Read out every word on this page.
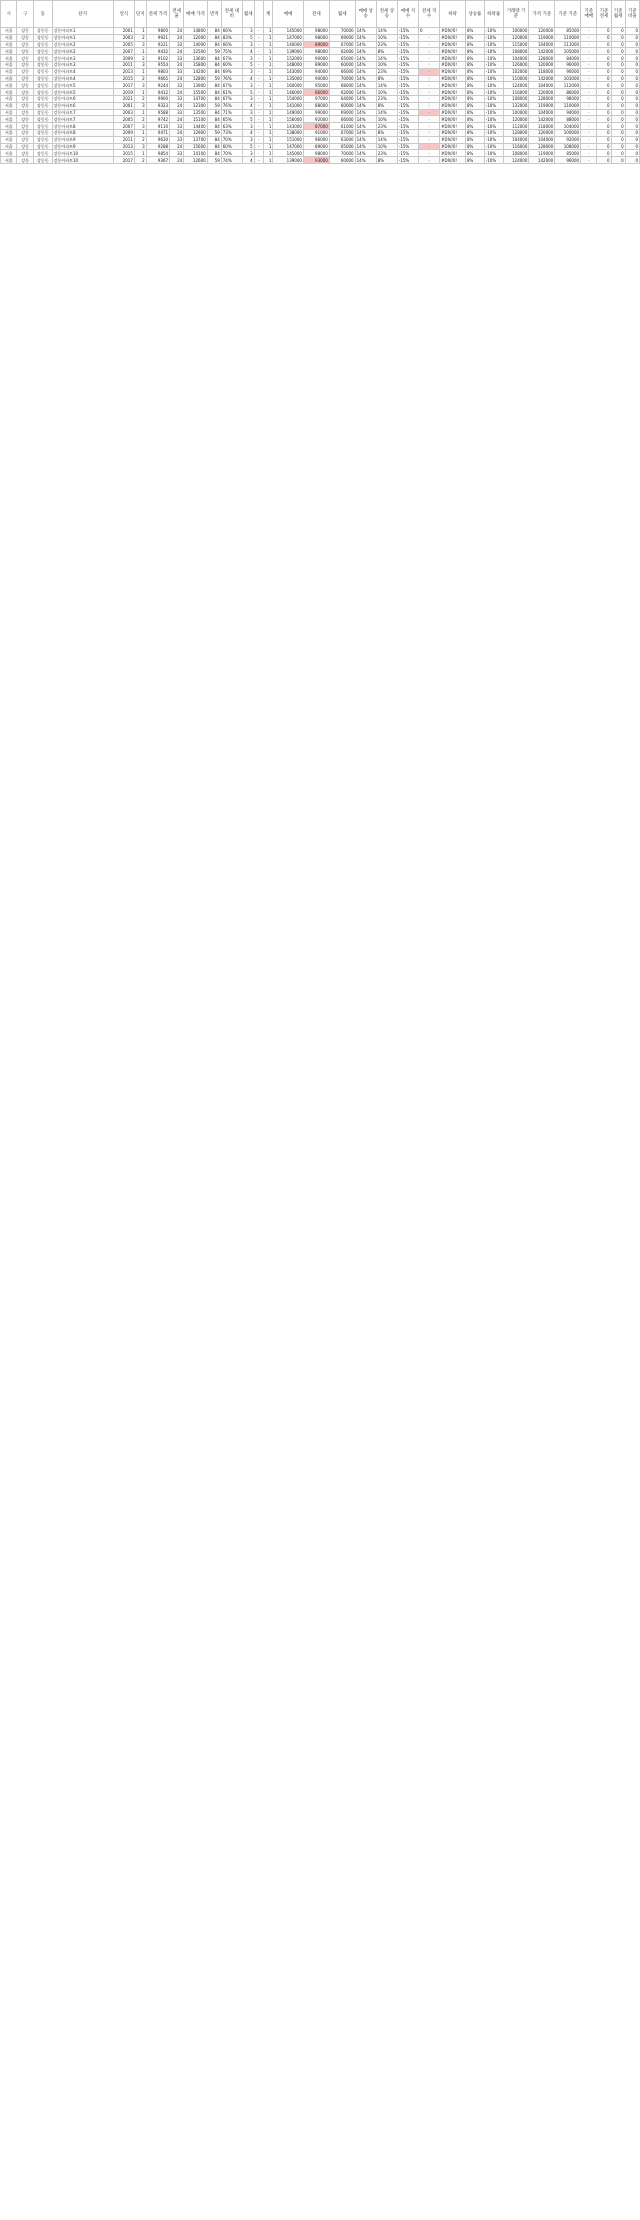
시	구	동	단지	연식	단지	전세 가격	전세 율	매매 가격	면적	전세 대비	월세		계	매매	전세	월세	매매 상승	전세 상승	매매 지수	전세 지수	하락	상승률	하락률	거래량 기준	가격 기준	기준 기준	기준 매매	기준 전세	기준 월세	기준 비율
서울	강동	강동동	강동아파트1	2001	1	9800	24	14800	84	66%	3	-	1	145000	98000	70000	14%	14%	-15%	0	#DIV/0!	8%	-10%	100000	120000	85000	-	0	0	0
서울	강동	강동동	강동아파트1	2003	2	9921	24	12000	84	83%	5	-	1	147000	98000	69000	14%	10%	-15%	-	#DIV/0!	8%	-10%	120000	119000	110000	-	0	0	0
서울	강동	강동동	강동아파트2	2005	3	9221	33	14000	84	66%	3	-	1	140000	89000	67000	14%	23%	-15%	-	#DIV/0!	8%	-10%	115000	104000	111000	-	0	0	0
서울	강동	강동동	강동아파트2	2007	1	9432	24	12500	59	75%	4	-	1	139000	98000	62000	14%	8%	-15%	-	#DIV/0!	8%	-10%	108000	142000	105000	-	0	0	0
서울	강동	강동동	강동아파트3	2009	2	9102	33	13600	84	67%	3	-	1	152000	90000	65000	14%	14%	-15%	-	#DIV/0!	8%	-10%	104000	128000	84000	-	0	0	0
서울	강동	강동동	강동아파트3	2011	3	9554	24	15800	84	60%	5	-	1	148000	89000	60000	14%	10%	-15%	-	#DIV/0!	8%	-10%	126000	120000	96000	-	0	0	0
서울	강동	강동동	강동아파트4	2013	1	9803	33	14200	84	69%	3	-	1	143000	94000	66000	14%	23%	-15%	-	#DIV/0!	8%	-10%	102000	118000	90000	-	0	0	0
서울	강동	강동동	강동아파트4	2015	2	9665	24	12800	59	76%	4	-	1	135000	90000	70000	14%	8%	-15%	-	#DIV/0!	8%	-10%	110000	142000	103000	-	0	0	0
서울	강동	강동동	강동아파트5	2017	3	9244	33	13900	84	67%	3	-	1	160000	95000	68000	14%	14%	-15%	-	#DIV/0!	8%	-10%	124000	104000	112000	-	0	0	0
서울	강동	강동동	강동아파트5	2019	1	9412	24	15500	84	61%	5	-	1	146000	86000	62000	14%	10%	-15%	-	#DIV/0!	8%	-10%	116000	120000	86000	-	0	0	0
서울	강동	강동동	강동아파트6	2021	2	9900	33	14700	84	67%	3	-	1	154000	97000	64000	14%	23%	-15%	-	#DIV/0!	8%	-10%	108000	128000	98000	-	0	0	0
서울	강동	강동동	강동아파트6	2001	3	9323	24	12300	59	76%	4	-	1	141000	88000	60000	14%	8%	-15%	-	#DIV/0!	8%	-10%	132000	119000	110000	-	0	0	0
서울	강동	강동동	강동아파트7	2003	1	9588	33	13500	84	71%	3	-	1	149000	99000	69000	14%	14%	-15%	-	#DIV/0!	8%	-10%	100000	104000	94000	-	0	0	0
서울	강동	강동동	강동아파트7	2005	2	9742	24	15100	84	65%	5	-	1	156000	92000	66000	14%	10%	-15%	-	#DIV/0!	8%	-10%	120000	142000	88000	-	0	0	0
서울	강동	강동동	강동아파트8	2007	3	9110	33	14400	84	63%	3	-	1	143000	87000	61000	14%	23%	-15%	-	#DIV/0!	8%	-10%	112000	118000	104000	-	0	0	0
서울	강동	강동동	강동아파트8	2009	1	9471	24	12900	59	73%	4	-	1	138000	91000	67000	14%	8%	-15%	-	#DIV/0!	8%	-10%	128000	120000	100000	-	0	0	0
서울	강동	강동동	강동아파트9	2011	2	9630	33	13700	84	70%	3	-	1	151000	96000	63000	14%	14%	-15%	-	#DIV/0!	8%	-10%	104000	104000	92000	-	0	0	0
서울	강동	강동동	강동아파트9	2013	3	9288	24	15600	84	60%	5	-	1	147000	89000	65000	14%	10%	-15%	-	#DIV/0!	8%	-10%	116000	128000	108000	-	0	0	0
서울	강동	강동동	강동아파트10	2015	1	9854	33	14100	84	70%	3	-	1	145000	98000	70000	14%	23%	-15%	-	#DIV/0!	8%	-10%	108000	119000	85000	-	0	0	0
서울	강동	강동동	강동아파트10	2017	2	9367	24	12600	59	74%	4	-	1	139000	93000	60000	14%	8%	-15%	-	#DIV/0!	8%	-10%	124000	142000	96000	-	0	0	0
